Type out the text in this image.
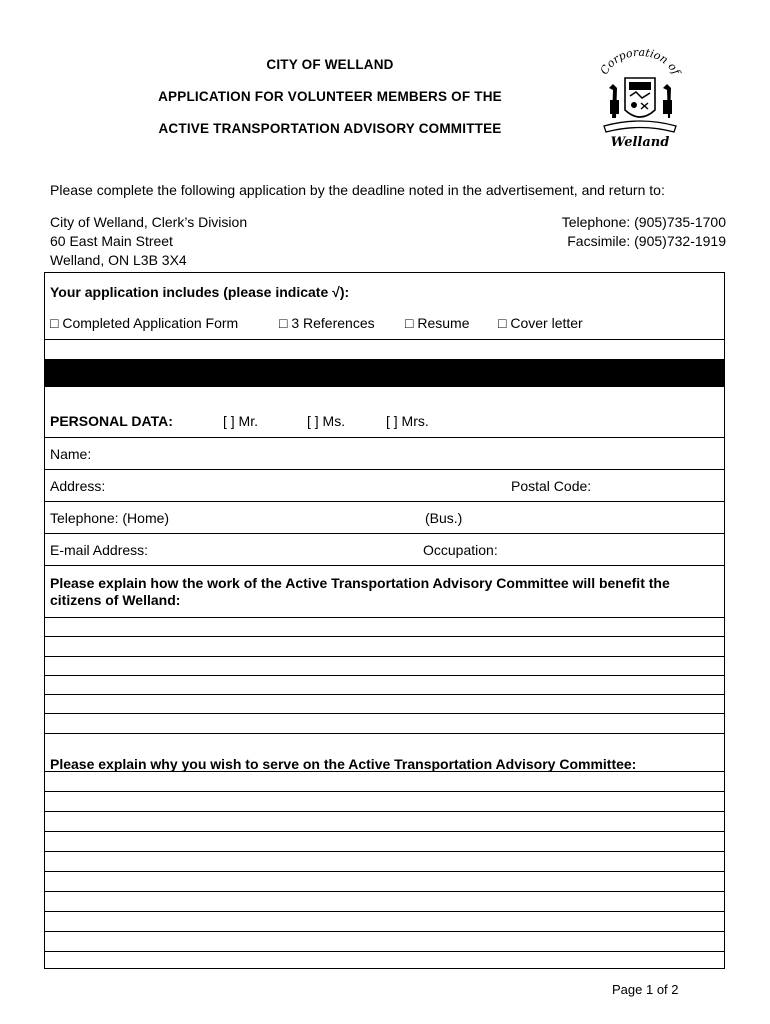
CITY OF WELLAND
APPLICATION FOR VOLUNTEER MEMBERS OF THE
ACTIVE TRANSPORTATION ADVISORY COMMITTEE
Corporation of
Welland
Please complete the following application by the deadline noted in the advertisement, and return to:
City of Welland, Clerk’s Division
60 East Main Street
Welland, ON L3B 3X4
Telephone: (905)735-1700
Facsimile: (905)732-1919
Your application includes (please indicate √):
□ Completed Application Form	□ 3 References □ Resume □ Cover letter
PERSONAL DATA:	[ ] Mr.	[ ] Ms.	[ ] Mrs.
Name:
Address:	Postal Code:
Telephone: (Home)	(Bus.)
E-mail Address:	Occupation:
Please explain how the work of the Active Transportation Advisory Committee will benefit the citizens of Welland:
Please explain why you wish to serve on the Active Transportation Advisory Committee:
Page 1 of 2
